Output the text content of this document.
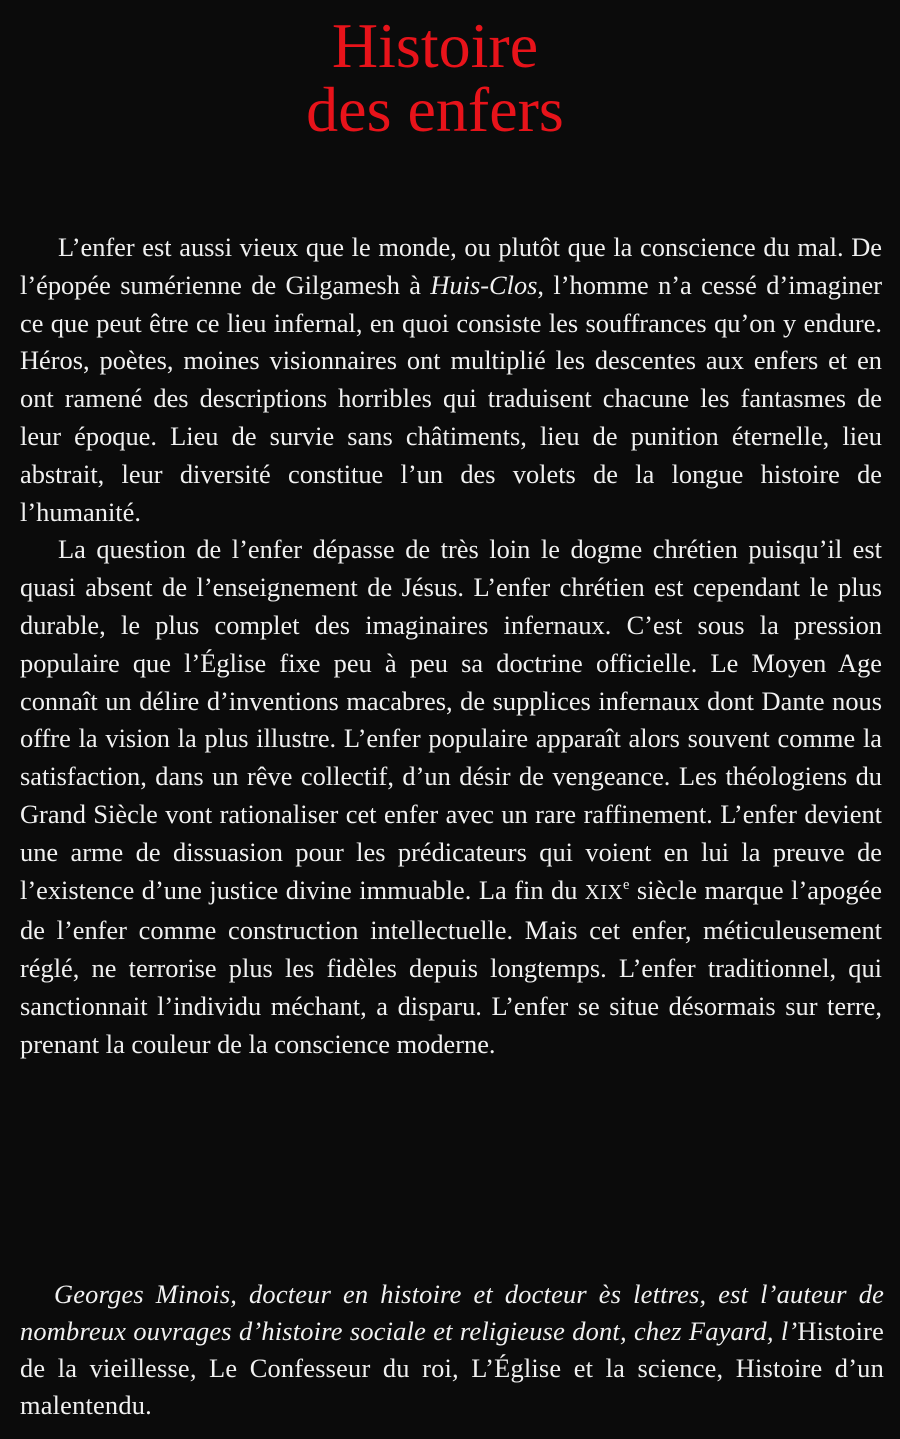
Histoire
des enfers

L’enfer est aussi vieux que le monde, ou plutôt que la conscience du mal. De l’épopée sumérienne de Gilgamesh à Huis-Clos, l’homme n’a cessé d’imaginer ce que peut être ce lieu infernal, en quoi consiste les souffrances qu’on y endure. Héros, poètes, moines visionnaires ont multiplié les descentes aux enfers et en ont ramené des descriptions horribles qui traduisent chacune les fantasmes de leur époque. Lieu de survie sans châtiments, lieu de punition éternelle, lieu abstrait, leur diversité constitue l’un des volets de la longue histoire de l’humanité.

La question de l’enfer dépasse de très loin le dogme chrétien puisqu’il est quasi absent de l’enseignement de Jésus. L’enfer chrétien est cependant le plus durable, le plus complet des imaginaires infernaux. C’est sous la pression populaire que l’Église fixe peu à peu sa doctrine officielle. Le Moyen Age connaît un délire d’inventions macabres, de supplices infernaux dont Dante nous offre la vision la plus illustre. L’enfer populaire apparaît alors souvent comme la satisfaction, dans un rêve collectif, d’un désir de vengeance. Les théologiens du Grand Siècle vont rationaliser cet enfer avec un rare raffinement. L’enfer devient une arme de dissuasion pour les prédicateurs qui voient en lui la preuve de l’existence d’une justice divine immuable. La fin du XIXe siècle marque l’apogée de l’enfer comme construction intellectuelle. Mais cet enfer, méticuleusement réglé, ne terrorise plus les fidèles depuis longtemps. L’enfer traditionnel, qui sanctionnait l’individu méchant, a disparu. L’enfer se situe désormais sur terre, prenant la couleur de la conscience moderne.

Georges Minois, docteur en histoire et docteur ès lettres, est l’auteur de nombreux ouvrages d’histoire sociale et religieuse dont, chez Fayard, l’Histoire de la vieillesse, Le Confesseur du roi, L’Église et la science, Histoire d’un malentendu.
